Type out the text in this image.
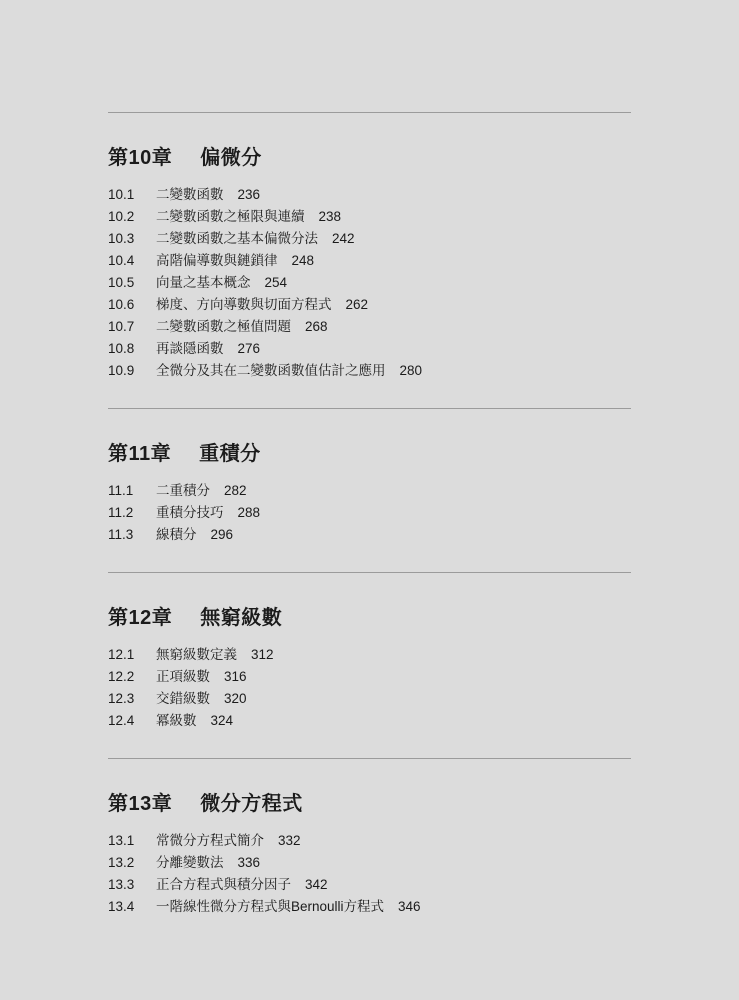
第10章 偏微分
10.1	二變數函數 236
10.2	二變數函數之極限與連續 238
10.3	二變數函數之基本偏微分法 242
10.4	高階偏導數與鏈鎖律 248
10.5	向量之基本概念 254
10.6	梯度、方向導數與切面方程式 262
10.7	二變數函數之極值問題 268
10.8	再談隱函數 276
10.9	全微分及其在二變數函數值估計之應用 280
第11章 重積分
11.1	二重積分 282
11.2	重積分技巧 288
11.3	線積分 296
第12章 無窮級數
12.1	無窮級數定義 312
12.2	正項級數 316
12.3	交錯級數 320
12.4	冪級數 324
第13章 微分方程式
13.1	常微分方程式簡介 332
13.2	分離變數法 336
13.3	正合方程式與積分因子 342
13.4	一階線性微分方程式與Bernoulli方程式 346
